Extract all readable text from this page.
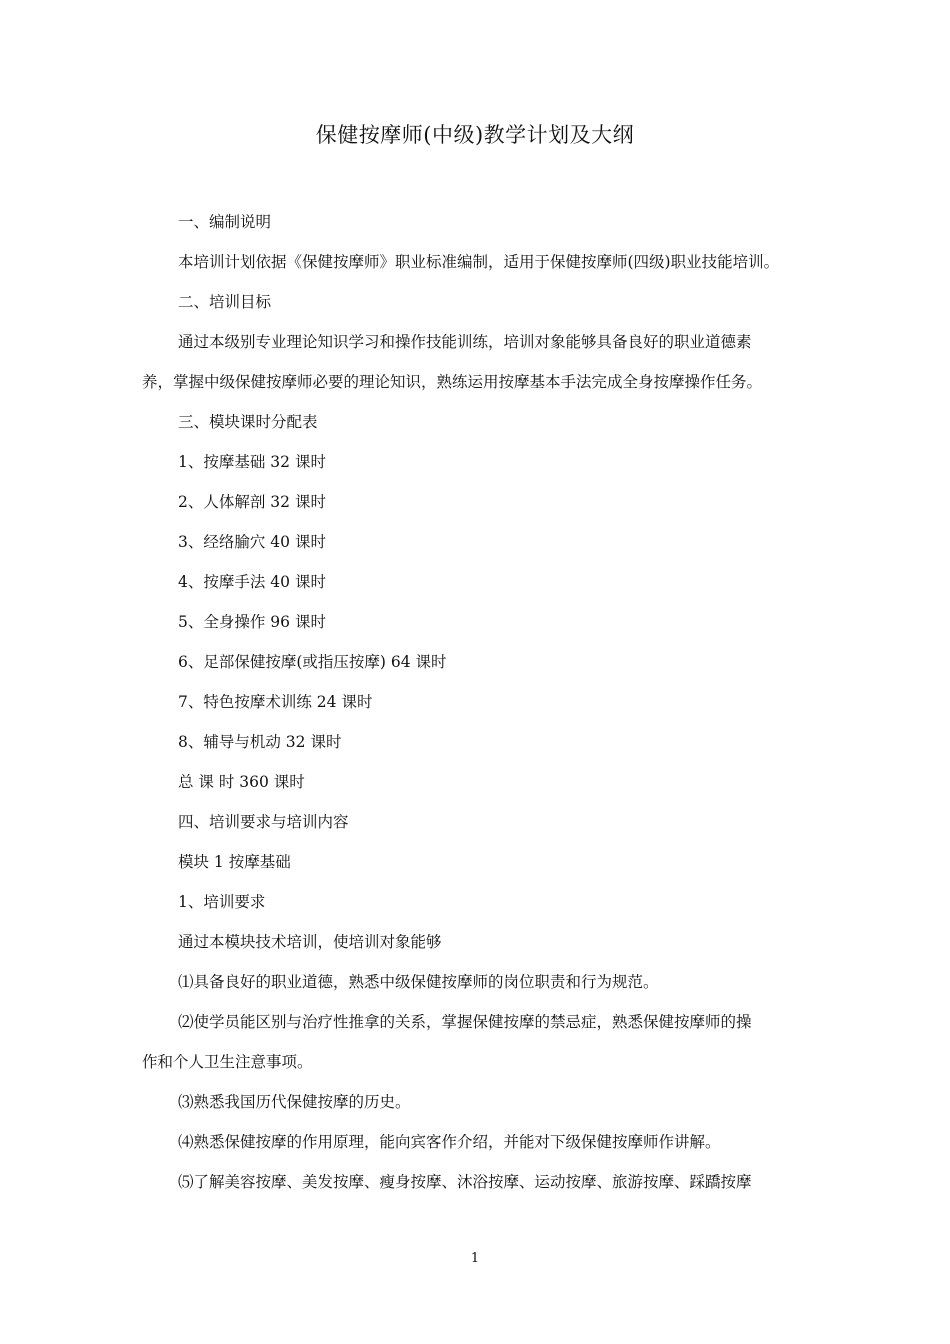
保健按摩师(中级)教学计划及大纲
一、编制说明
本培训计划依据《保健按摩师》职业标准编制，适用于保健按摩师(四级)职业技能培训。
二、培训目标
通过本级别专业理论知识学习和操作技能训练，培训对象能够具备良好的职业道德素
养，掌握中级保健按摩师必要的理论知识，熟练运用按摩基本手法完成全身按摩操作任务。
三、模块课时分配表
1、按摩基础 32 课时
2、人体解剖 32 课时
3、经络腧穴 40 课时
4、按摩手法 40 课时
5、全身操作 96 课时
6、足部保健按摩(或指压按摩) 64 课时
7、特色按摩术训练 24 课时
8、辅导与机动 32 课时
总 课 时 360 课时
四、培训要求与培训内容
模块 1 按摩基础
1、培训要求
通过本模块技术培训，使培训对象能够
⑴具备良好的职业道德，熟悉中级保健按摩师的岗位职责和行为规范。
⑵使学员能区别与治疗性推拿的关系，掌握保健按摩的禁忌症，熟悉保健按摩师的操
作和个人卫生注意事项。
⑶熟悉我国历代保健按摩的历史。
⑷熟悉保健按摩的作用原理，能向宾客作介绍，并能对下级保健按摩师作讲解。
⑸了解美容按摩、美发按摩、瘦身按摩、沐浴按摩、运动按摩、旅游按摩、踩蹻按摩
1
